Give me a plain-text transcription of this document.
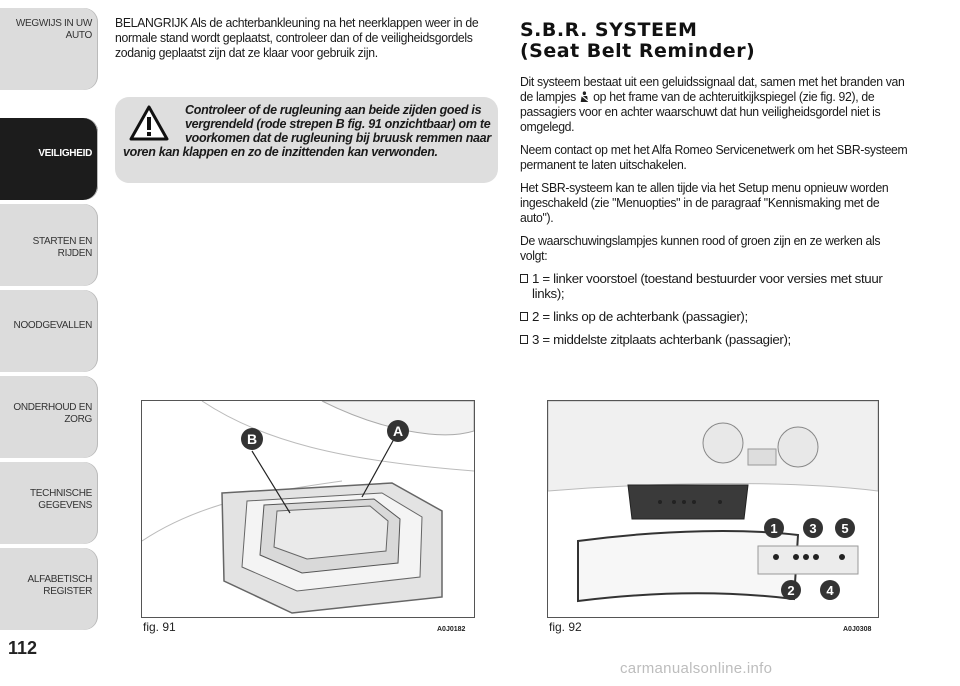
WEGWIJS IN UW
AUTO
VEILIGHEID
STARTEN EN RIJDEN
NOODGEVALLEN
ONDERHOUD EN
ZORG
TECHNISCHE
GEGEVENS
ALFABETISCH
REGISTER
112

BELANGRIJK Als de achterbankleuning na het neerklappen weer in de normale stand wordt geplaatst, controleer dan of de veiligheidsgordels zodanig geplaatst zijn dat ze klaar voor gebruik zijn.

Controleer of de rugleuning aan beide zijden goed is
vergrendeld (rode strepen B fig. 91 onzichtbaar) om te
voorkomen dat de rugleuning bij bruusk remmen naar
voren kan klappen en zo de inzittenden kan verwonden.
S.B.R. SYSTEEM
(Seat Belt Reminder)

Dit systeem bestaat uit een geluidssignaal dat, samen met het branden van de lampjes op het frame van de achteruitkijkspiegel (zie fig. 92), de passagiers voor en achter waarschuwt dat hun veiligheidsgordel niet is omgelegd.

Neem contact op met het Alfa Romeo Servicenetwerk om het SBR-systeem permanent te laten uitschakelen.

Het SBR-systeem kan te allen tijde via het Setup menu opnieuw worden ingeschakeld (zie "Menuopties" in de paragraaf "Kennismaking met de auto").

De waarschuwingslampjes kunnen rood of groen zijn en ze werken als volgt:

1 = linker voorstoel (toestand bestuurder voor versies met stuur links);
2 = links op de achterbank (passagier);
3 = middelste zitplaats achterbank (passagier);
B	A
fig. 91	A0J0182
1 3 5
2 4
fig. 92	A0J0308
carmanualsonline.info
